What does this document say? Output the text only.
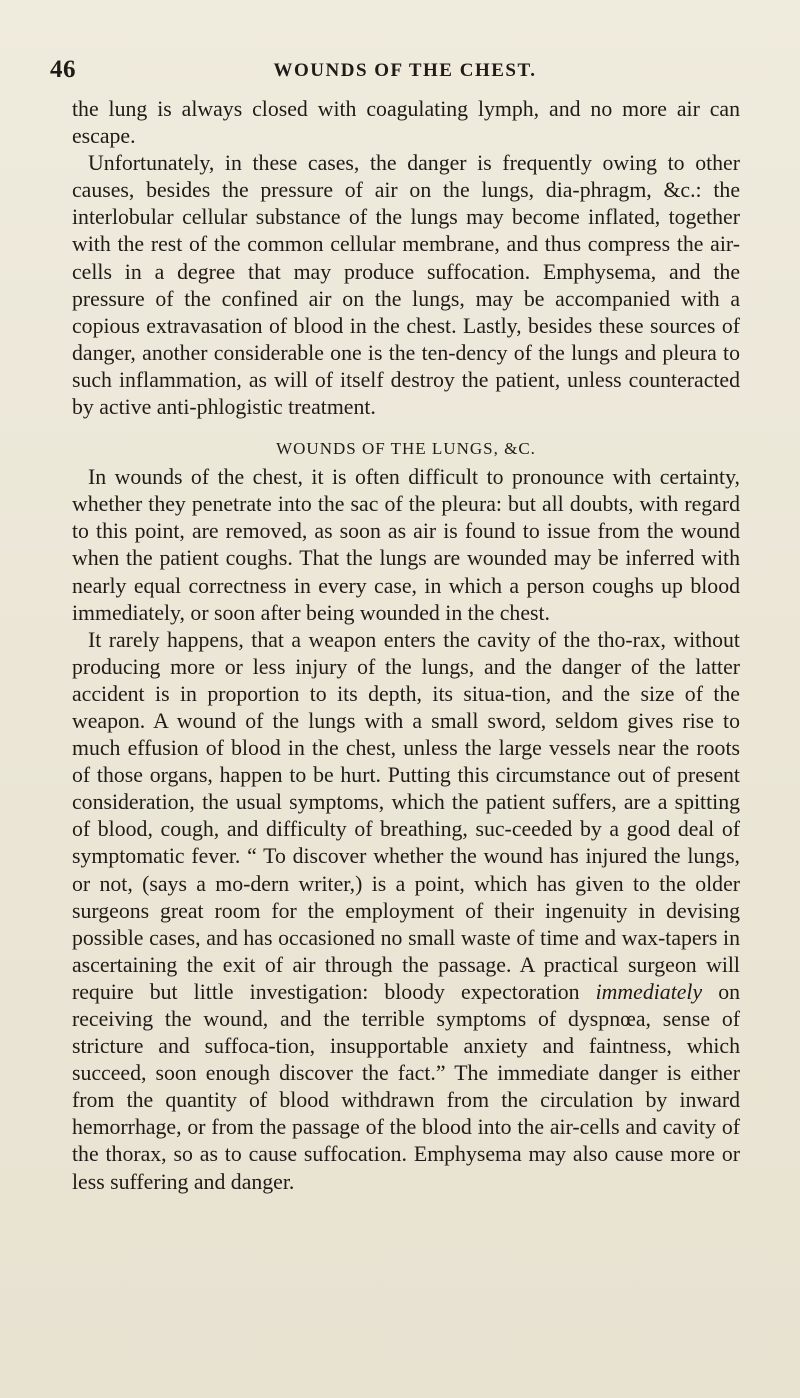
46	WOUNDS OF THE CHEST.

the lung is always closed with coagulating lymph, and no more air can escape.

Unfortunately, in these cases, the danger is frequently owing to other causes, besides the pressure of air on the lungs, dia-phragm, &c.: the interlobular cellular substance of the lungs may become inflated, together with the rest of the common cellular membrane, and thus compress the air-cells in a degree that may produce suffocation. Emphysema, and the pressure of the confined air on the lungs, may be accompanied with a copious extravasation of blood in the chest. Lastly, besides these sources of danger, another considerable one is the ten-dency of the lungs and pleura to such inflammation, as will of itself destroy the patient, unless counteracted by active anti-phlogistic treatment.

WOUNDS OF THE LUNGS, &C.

In wounds of the chest, it is often difficult to pronounce with certainty, whether they penetrate into the sac of the pleura: but all doubts, with regard to this point, are removed, as soon as air is found to issue from the wound when the patient coughs. That the lungs are wounded may be inferred with nearly equal correctness in every case, in which a person coughs up blood immediately, or soon after being wounded in the chest.

It rarely happens, that a weapon enters the cavity of the tho-rax, without producing more or less injury of the lungs, and the danger of the latter accident is in proportion to its depth, its situa-tion, and the size of the weapon. A wound of the lungs with a small sword, seldom gives rise to much effusion of blood in the chest, unless the large vessels near the roots of those organs, happen to be hurt. Putting this circumstance out of present consideration, the usual symptoms, which the patient suffers, are a spitting of blood, cough, and difficulty of breathing, suc-ceeded by a good deal of symptomatic fever. “ To discover whether the wound has injured the lungs, or not, (says a mo-dern writer,) is a point, which has given to the older surgeons great room for the employment of their ingenuity in devising possible cases, and has occasioned no small waste of time and wax-tapers in ascertaining the exit of air through the passage. A practical surgeon will require but little investigation: bloody expectoration immediately on receiving the wound, and the terrible symptoms of dyspnœa, sense of stricture and suffoca-tion, insupportable anxiety and faintness, which succeed, soon enough discover the fact.” The immediate danger is either from the quantity of blood withdrawn from the circulation by inward hemorrhage, or from the passage of the blood into the air-cells and cavity of the thorax, so as to cause suffocation. Emphysema may also cause more or less suffering and danger.
